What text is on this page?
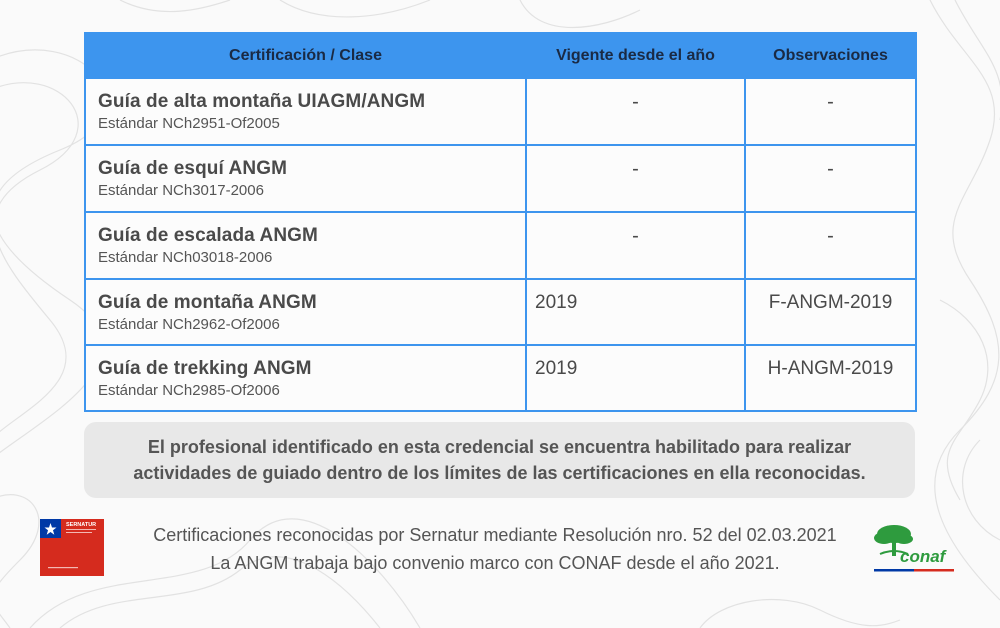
Certificación / Clase	Vigente desde el año	Observaciones

Guía de alta montaña UIAGM/ANGM
Estándar NCh2951-Of2005	-	-

Guía de esquí ANGM
Estándar NCh3017-2006	-	-

Guía de escalada ANGM
Estándar NCh03018-2006	-	-

Guía de montaña ANGM
Estándar NCh2962-Of2006	2019	F-ANGM-2019

Guía de trekking ANGM
Estándar NCh2985-Of2006	2019	H-ANGM-2019
El profesional identificado en esta credencial se encuentra habilitado para realizar
actividades de guiado dentro de los límites de las certificaciones en ella reconocidas.
SERNATUR	Certificaciones reconocidas por Sernatur mediante Resolución nro. 52 del 02.03.2021
La ANGM trabaja bajo convenio marco con CONAF desde el año 2021.	conaf
